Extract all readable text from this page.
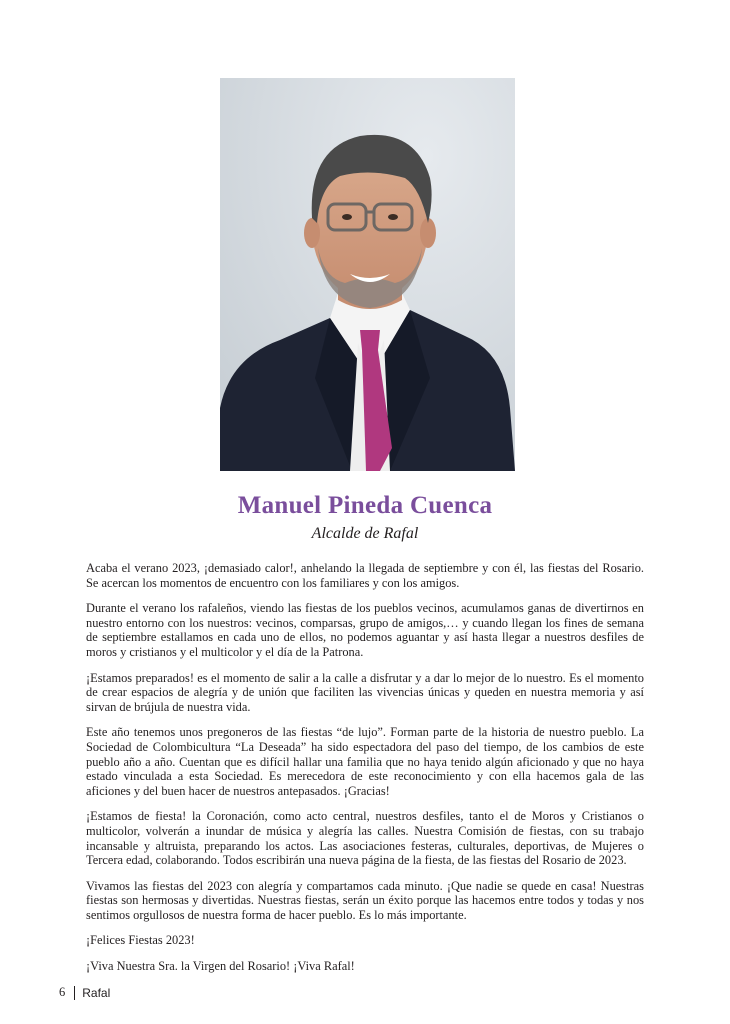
Manuel Pineda Cuenca
Alcalde de Rafal

Acaba el verano 2023, ¡demasiado calor!, anhelando la llegada de septiembre y con él, las fiestas del Rosario. Se acercan los momentos de encuentro con los familiares y con los amigos.

Durante el verano los rafaleños, viendo las fiestas de los pueblos vecinos, acumulamos ganas de divertirnos en nuestro entorno con los nuestros: vecinos, comparsas, grupo de amigos,… y cuando llegan los fines de semana de septiembre estallamos en cada uno de ellos, no podemos aguantar y así hasta llegar a nuestros desfiles de moros y cristianos y el multicolor y el día de la Patrona.

¡Estamos preparados! es el momento de salir a la calle a disfrutar y a dar lo mejor de lo nuestro. Es el momento de crear espacios de alegría y de unión que faciliten las vivencias únicas y queden en nuestra memoria y así sirvan de brújula de nuestra vida.

Este año tenemos unos pregoneros de las fiestas “de lujo”. Forman parte de la historia de nuestro pueblo. La Sociedad de Colombicultura “La Deseada” ha sido espectadora del paso del tiempo, de los cambios de este pueblo año a año. Cuentan que es difícil hallar una familia que no haya tenido algún aficionado y que no haya estado vinculada a esta Sociedad. Es merecedora de este reconocimiento y con ella hacemos gala de las aficiones y del buen hacer de nuestros antepasados. ¡Gracias!

¡Estamos de fiesta! la Coronación, como acto central, nuestros desfiles, tanto el de Moros y Cristianos o multicolor, volverán a inundar de música y alegría las calles. Nuestra Comisión de fiestas, con su trabajo incansable y altruista, preparando los actos. Las asociaciones festeras, culturales, deportivas, de Mujeres o Tercera edad, colaborando. Todos escribirán una nueva página de la fiesta, de las fiestas del Rosario de 2023.

Vivamos las fiestas del 2023 con alegría y compartamos cada minuto. ¡Que nadie se quede en casa! Nuestras fiestas son hermosas y divertidas. Nuestras fiestas, serán un éxito porque las hacemos entre todos y todas y nos sentimos orgullosos de nuestra forma de hacer pueblo. Es lo más importante.

¡Felices Fiestas 2023!

¡Viva Nuestra Sra. la Virgen del Rosario! ¡Viva Rafal!

6 Rafal
